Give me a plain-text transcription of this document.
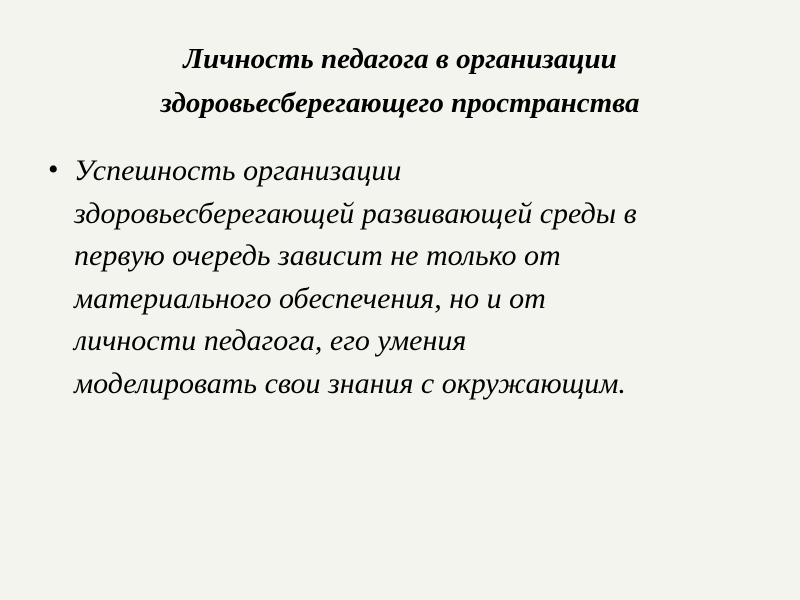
Личность педагога в организации
здоровьесберегающего пространства
• Успешность организации
здоровьесберегающей развивающей среды в
первую очередь зависит не только от
материального обеспечения, но и от
личности педагога, его умения
моделировать свои знания с окружающим.
